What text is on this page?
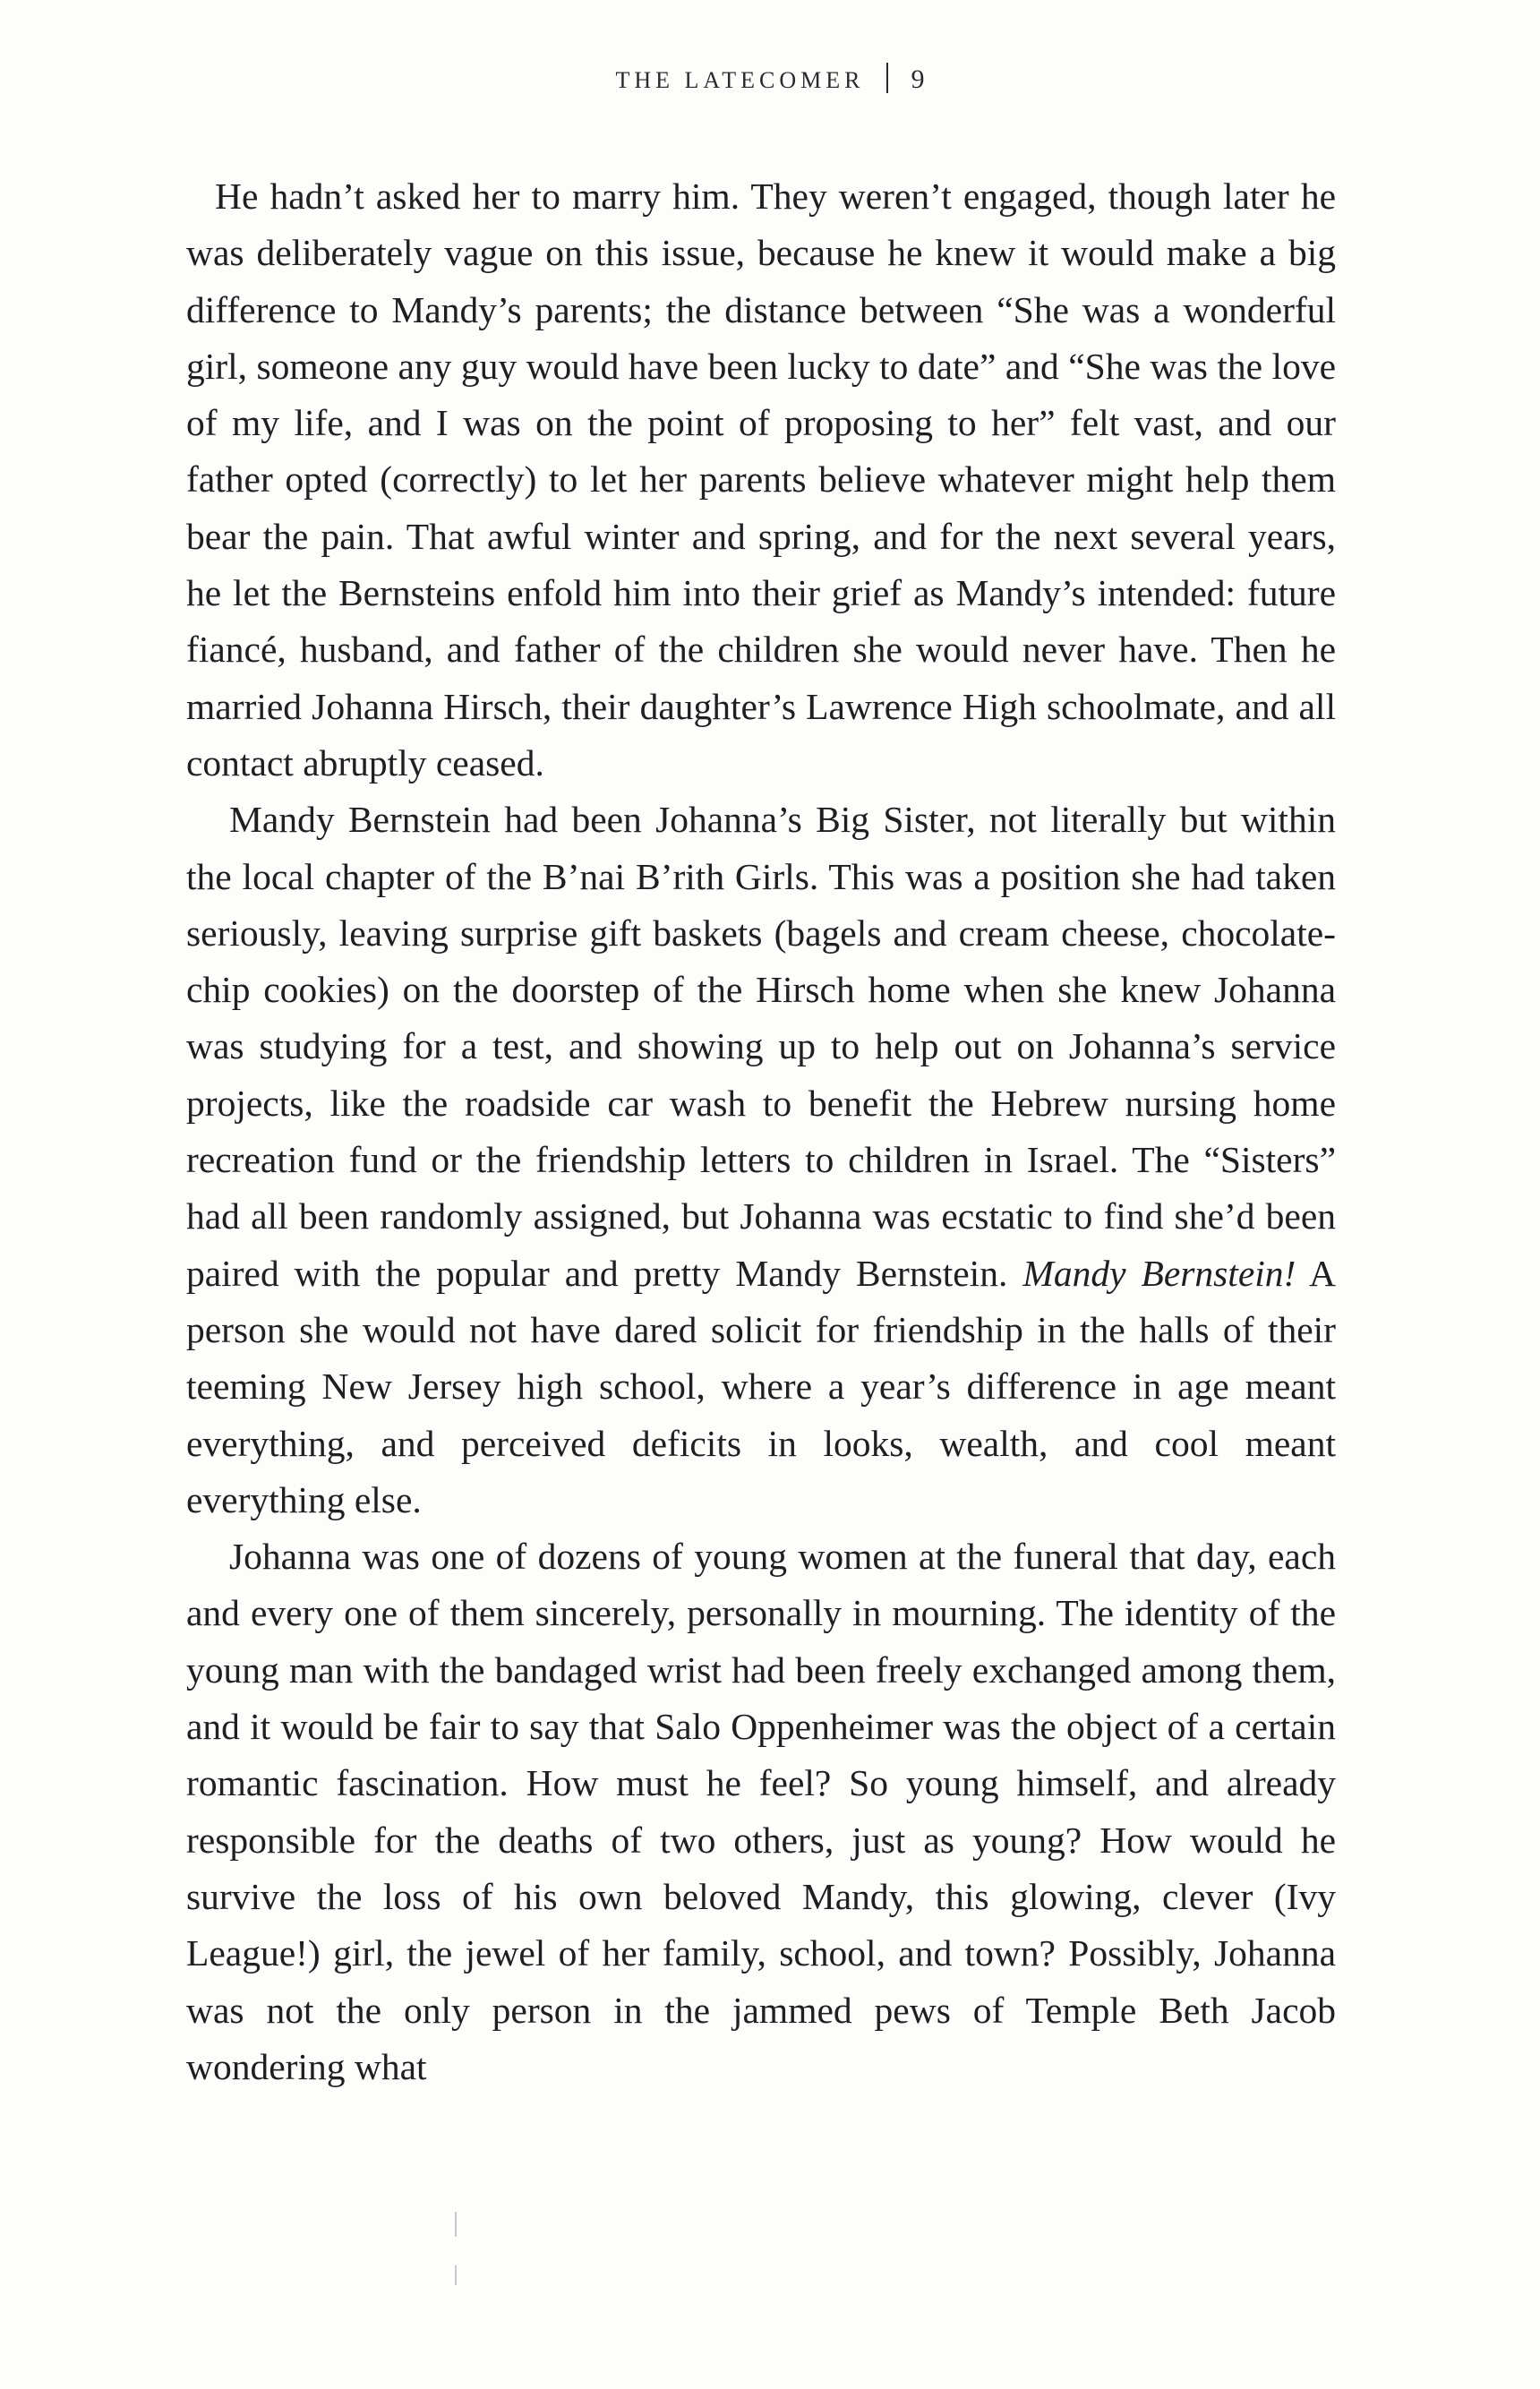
THE LATECOMER 9

He hadn’t asked her to marry him. They weren’t engaged, though later he was deliberately vague on this issue, because he knew it would make a big difference to Mandy’s parents; the distance between “She was a wonderful girl, someone any guy would have been lucky to date” and “She was the love of my life, and I was on the point of proposing to her” felt vast, and our father opted (correctly) to let her parents believe whatever might help them bear the pain. That awful winter and spring, and for the next several years, he let the Bernsteins enfold him into their grief as Mandy’s intended: future fiancé, husband, and father of the children she would never have. Then he married Johanna Hirsch, their daughter’s Lawrence High schoolmate, and all contact abruptly ceased.

Mandy Bernstein had been Johanna’s Big Sister, not literally but within the local chapter of the B’nai B’rith Girls. This was a position she had taken seriously, leaving surprise gift baskets (bagels and cream cheese, chocolate-chip cookies) on the doorstep of the Hirsch home when she knew Johanna was studying for a test, and showing up to help out on Johanna’s service projects, like the roadside car wash to benefit the Hebrew nursing home recreation fund or the friendship letters to children in Israel. The “Sisters” had all been randomly assigned, but Johanna was ecstatic to find she’d been paired with the popular and pretty Mandy Bernstein. Mandy Bernstein! A person she would not have dared solicit for friendship in the halls of their teeming New Jersey high school, where a year’s difference in age meant everything, and perceived deficits in looks, wealth, and cool meant everything else.

Johanna was one of dozens of young women at the funeral that day, each and every one of them sincerely, personally in mourning. The identity of the young man with the bandaged wrist had been freely exchanged among them, and it would be fair to say that Salo Oppenheimer was the object of a certain romantic fascination. How must he feel? So young himself, and already responsible for the deaths of two others, just as young? How would he survive the loss of his own beloved Mandy, this glowing, clever (Ivy League!) girl, the jewel of her family, school, and town? Possibly, Johanna was not the only person in the jammed pews of Temple Beth Jacob wondering what
